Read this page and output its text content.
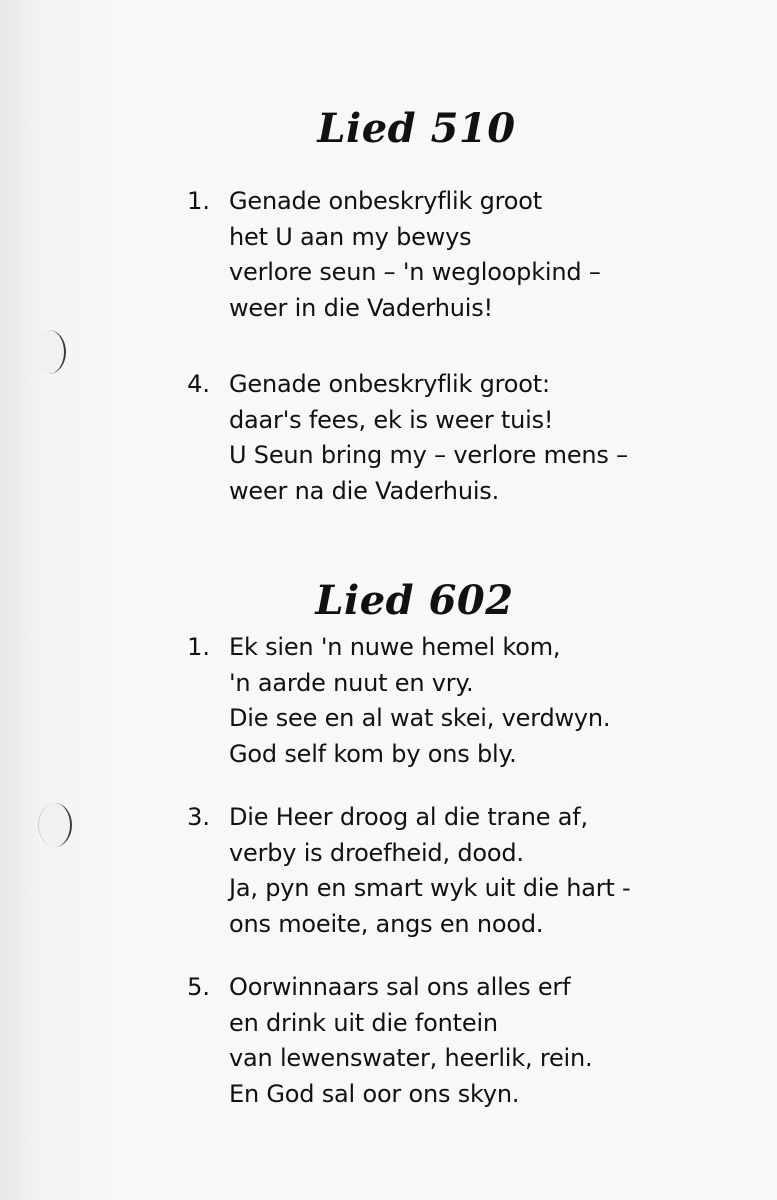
Lied 510
1. Genade onbeskryflik groot
het U aan my bewys
verlore seun – 'n wegloopkind –
weer in die Vaderhuis!
4. Genade onbeskryflik groot:
daar's fees, ek is weer tuis!
U Seun bring my – verlore mens –
weer na die Vaderhuis.
Lied 602
1. Ek sien 'n nuwe hemel kom,
'n aarde nuut en vry.
Die see en al wat skei, verdwyn.
God self kom by ons bly.
3. Die Heer droog al die trane af,
verby is droefheid, dood.
Ja, pyn en smart wyk uit die hart -
ons moeite, angs en nood.
5. Oorwinnaars sal ons alles erf
en drink uit die fontein
van lewenswater, heerlik, rein.
En God sal oor ons skyn.
